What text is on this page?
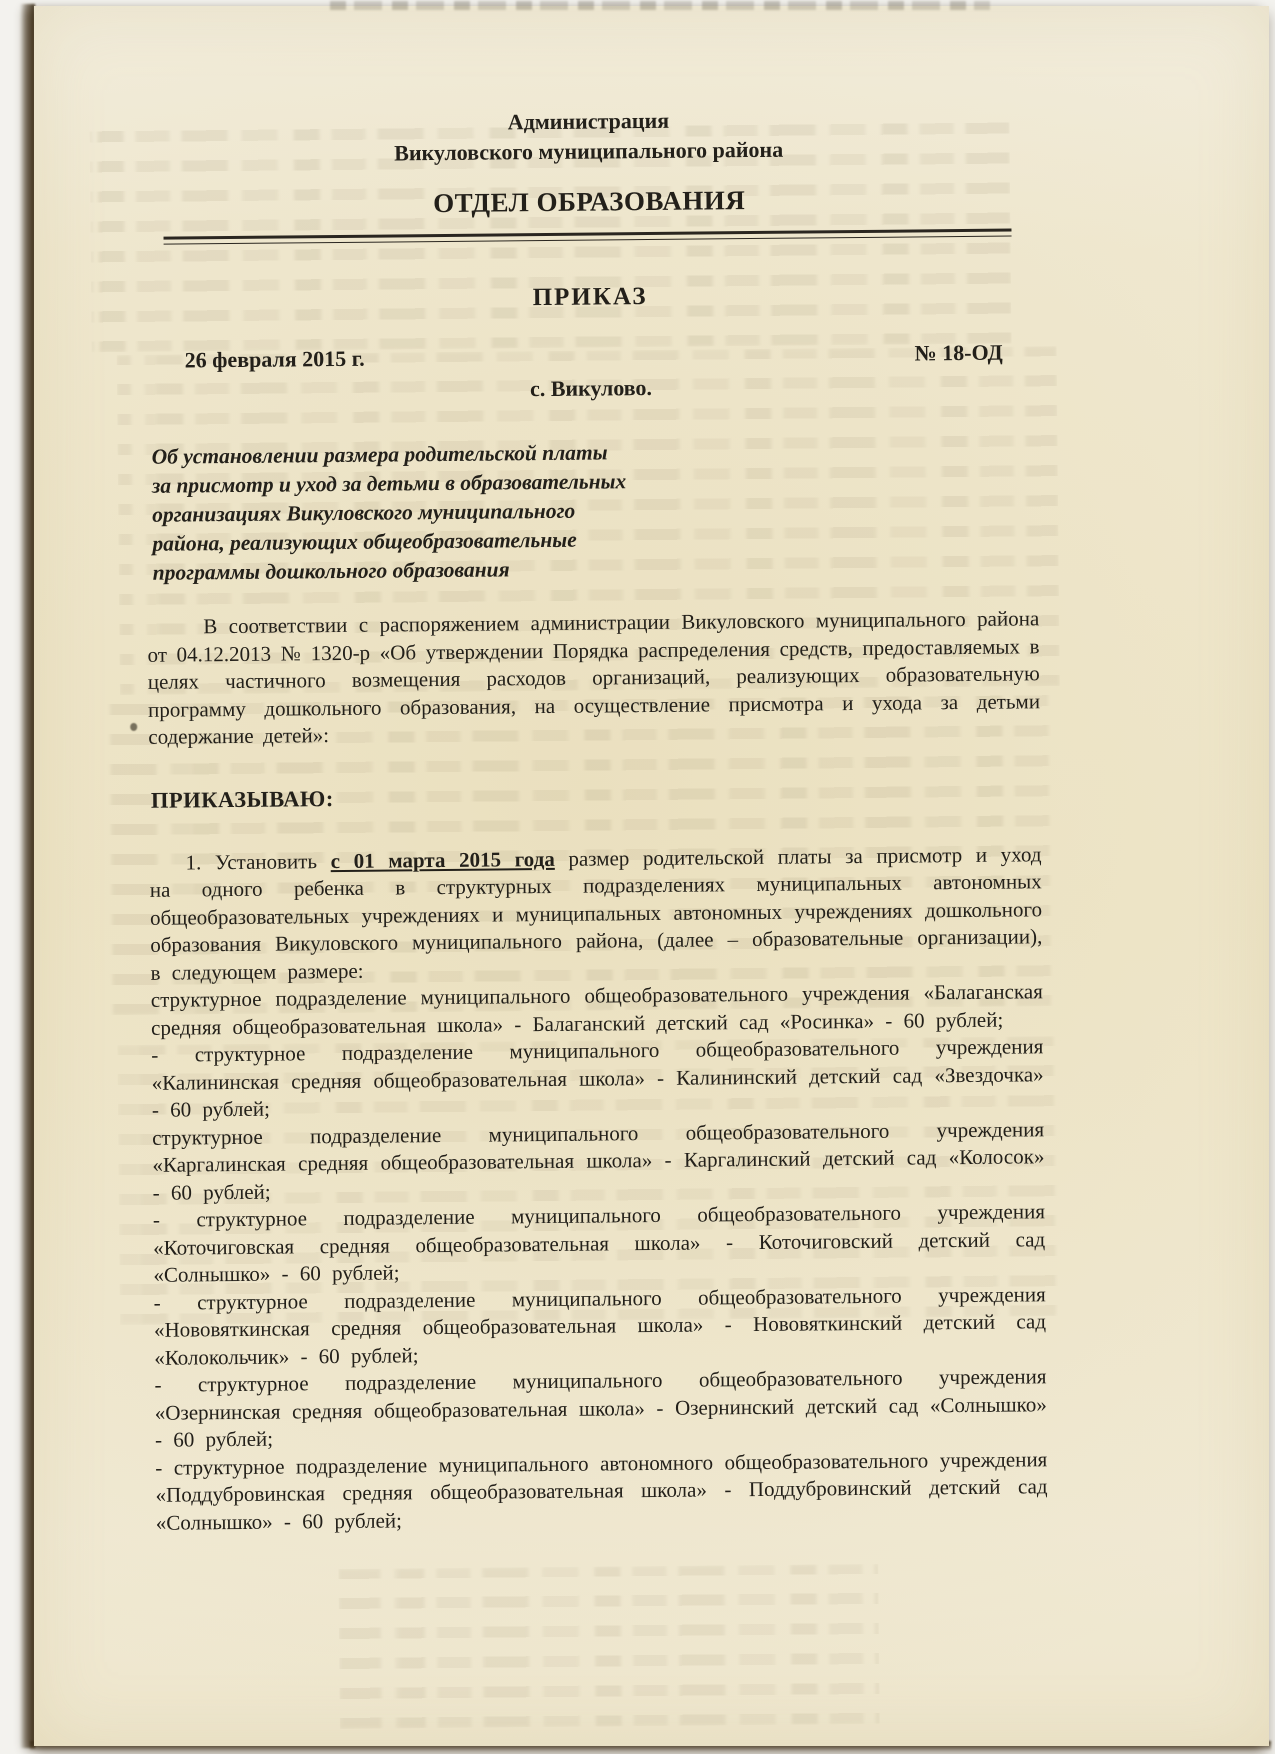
Администрация
Викуловского муниципального района
ОТДЕЛ ОБРАЗОВАНИЯ
ПРИКАЗ
26 февраля 2015 г.	№ 18-ОД
с. Викулово.
Об установлении размера родительской платы
за присмотр и уход за детьми в образовательных
организациях Викуловского муниципального
района, реализующих общеобразовательные
программы дошкольного образования

В соответствии с распоряжением администрации Викуловского муниципального района от 04.12.2013 № 1320-р «Об утверждении Порядка распределения средств, предоставляемых в целях частичного возмещения расходов организаций, реализующих образовательную программу дошкольного образования, на осуществление присмотра и ухода за детьми содержание детей»:

ПРИКАЗЫВАЮ:

1. Установить с 01 марта 2015 года размер родительской платы за присмотр и уход на одного ребенка в структурных подразделениях муниципальных автономных общеобразовательных учреждениях и муниципальных автономных учреждениях дошкольного образования Викуловского муниципального района, (далее – образовательные организации), в следующем размере:

структурное подразделение муниципального общеобразовательного учреждения «Балаганская средняя общеобразовательная школа» - Балаганский детский сад «Росинка» - 60 рублей;

- структурное подразделение муниципального общеобразовательного учреждения «Калининская средняя общеобразовательная школа» - Калининский детский сад «Звездочка» - 60 рублей;

структурное подразделение муниципального общеобразовательного учреждения «Каргалинская средняя общеобразовательная школа» - Каргалинский детский сад «Колосок» - 60 рублей;

- структурное подразделение муниципального общеобразовательного учреждения «Коточиговская средняя общеобразовательная школа» - Коточиговский детский сад «Солнышко» - 60 рублей;

- структурное подразделение муниципального общеобразовательного учреждения «Нововяткинская средняя общеобразовательная школа» - Нововяткинский детский сад «Колокольчик» - 60 рублей;

- структурное подразделение муниципального общеобразовательного учреждения «Озернинская средняя общеобразовательная школа» - Озернинский детский сад «Солнышко» - 60 рублей;

- структурное подразделение муниципального автономного общеобразовательного учреждения «Поддубровинская средняя общеобразовательная школа» - Поддубровинский детский сад «Солнышко» - 60 рублей;
